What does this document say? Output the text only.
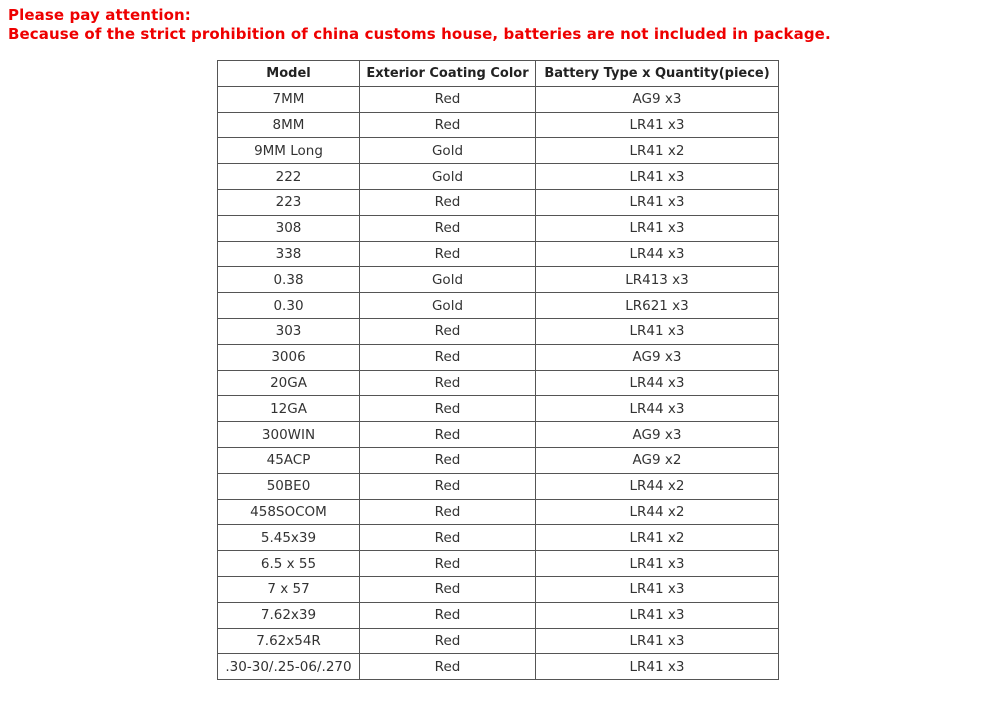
Please pay attention:
Because of the strict prohibition of china customs house, batteries are not included in package.
Model	Exterior Coating Color	Battery Type x Quantity(piece)
7MM	Red	AG9 x3
8MM	Red	LR41 x3
9MM Long	Gold	LR41 x2
222	Gold	LR41 x3
223	Red	LR41 x3
308	Red	LR41 x3
338	Red	LR44 x3
0.38	Gold	LR413 x3
0.30	Gold	LR621 x3
303	Red	LR41 x3
3006	Red	AG9 x3
20GA	Red	LR44 x3
12GA	Red	LR44 x3
300WIN	Red	AG9 x3
45ACP	Red	AG9 x2
50BE0	Red	LR44 x2
458SOCOM	Red	LR44 x2
5.45x39	Red	LR41 x2
6.5 x 55	Red	LR41 x3
7 x 57	Red	LR41 x3
7.62x39	Red	LR41 x3
7.62x54R	Red	LR41 x3
.30-30/.25-06/.270	Red	LR41 x3
